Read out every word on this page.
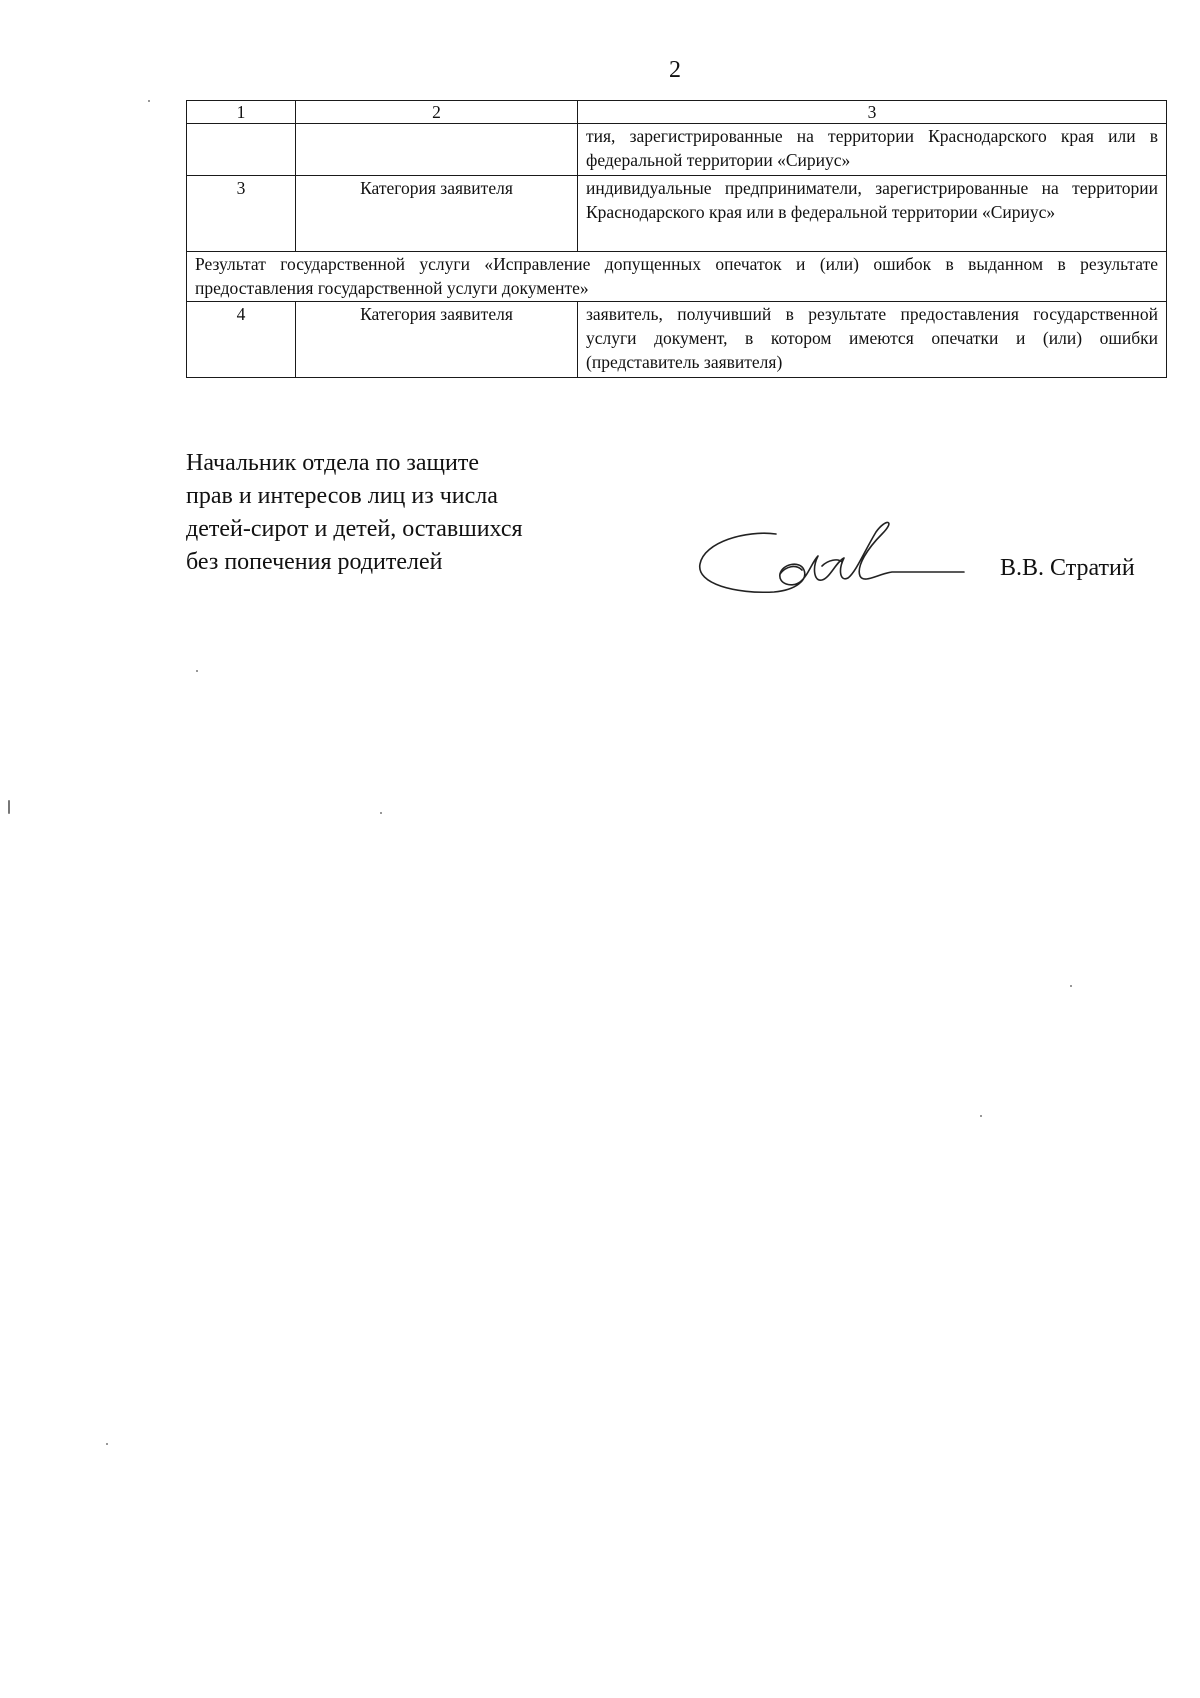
2
1	2	3
		тия, зарегистрированные на территории Краснодарского края или в федеральной территории «Сириус»
3	Категория заявителя	индивидуальные предприниматели, зарегистрированные на территории Краснодарского края или в федеральной территории «Сириус»
Результат государственной услуги «Исправление допущенных опечаток и (или) ошибок в выданном в результате предоставления государственной услуги документе»		
4	Категория заявителя	заявитель, получивший в результате предоставления государственной услуги документ, в котором имеются опечатки и (или) ошибки (представитель заявителя)
Начальник отдела по защите
прав и интересов лиц из числа
детей-сирот и детей, оставшихся
без попечения родителей	В.В. Стратий
